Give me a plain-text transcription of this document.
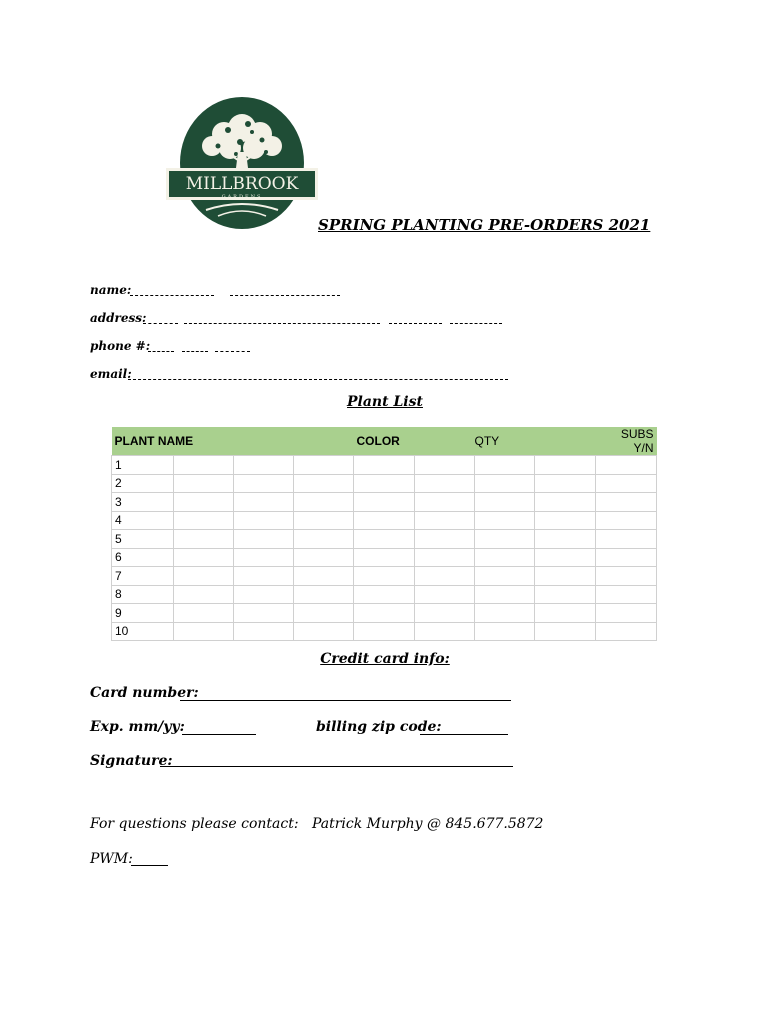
MILLBROOK
GARDENS
SPRING PLANTING PRE-ORDERS 2021
name:
address:
phone #:
email:
Plant List
PLANT NAME				COLOR		QTY		SUBS Y/N
1								
2								
3								
4								
5								
6								
7								
8								
9								
10								
Credit card info:
Card number:
Exp. mm/yy:	billing zip code:
Signature:
For questions please contact: Patrick Murphy @ 845.677.5872
PWM:
